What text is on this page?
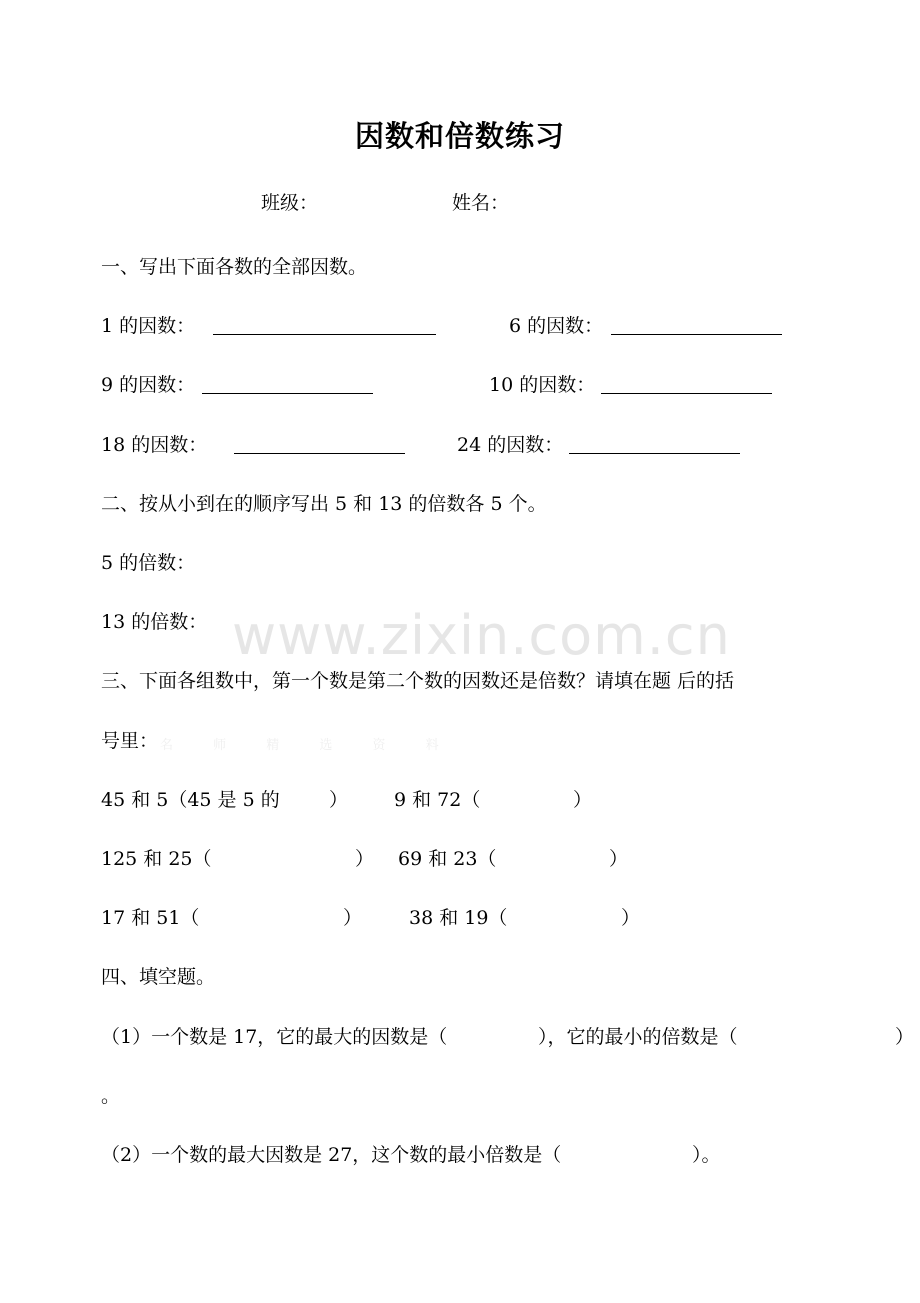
因数和倍数练习
班级：	姓名：
一、写出下面各数的全部因数。
1 的因数：	6 的因数：
9 的因数：	10 的因数：
18 的因数：	24 的因数：
二、按从小到在的顺序写出 5 和 13 的倍数各 5 个。
5 的倍数：
13 的倍数： www.zixin.com.cn
三、下面各组数中，第一个数是第二个数的因数还是倍数？请填在题 后的括
号里： 名 师 精 选 资 料
45 和 5（45 是 5 的	） 9 和 72（	）
125 和 25（	） 69 和 23（	）
17 和 51（	） 38 和 19（	）
四、填空题。
（1）一个数是 17，它的最大的因数是（	），它的最小的倍数是（	）
。
（2）一个数的最大因数是 27，这个数的最小倍数是（	）。
